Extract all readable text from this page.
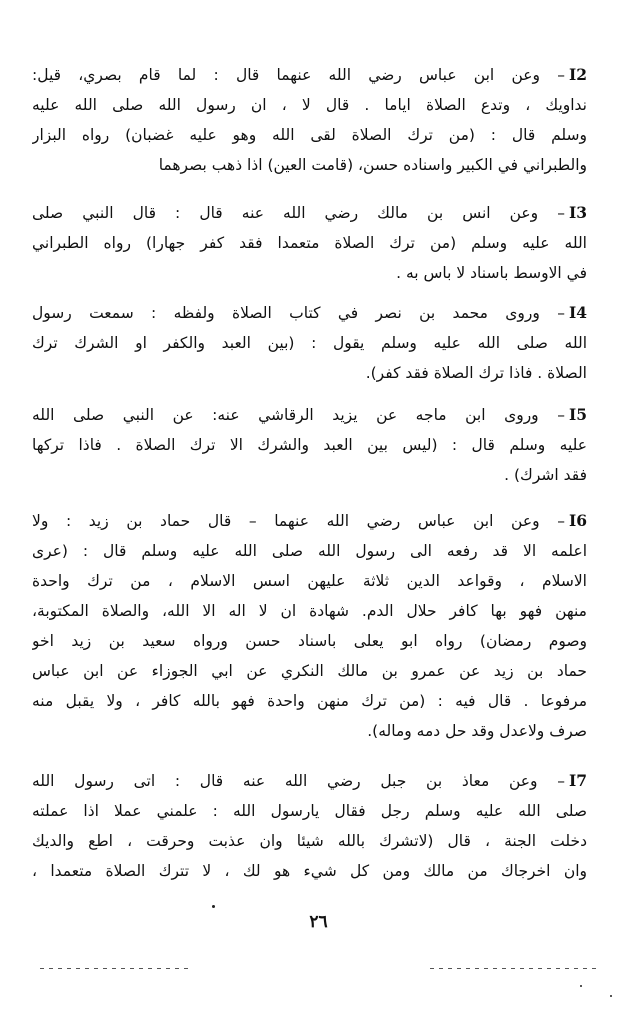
I2– وعن ابن عباس رضي الله عنهما قال : لما قام بصري، قيل:
نداويك ، وتدع الصلاة اياما . قال لا ، ان رسول الله صلى الله عليه
وسلم قال : (من ترك الصلاة لقى الله وهو عليه غضبان) رواه البزار
والطبراني في الكبير واسناده حسن، (قامت العين) اذا ذهب بصرهما
I3– وعن انس بن مالك رضي الله عنه قال : قال النبي صلى
الله عليه وسلم (من ترك الصلاة متعمدا فقد كفر جهارا) رواه الطبراني
في الاوسط باسناد لا باس به .
I4– وروى محمد بن نصر في كتاب الصلاة ولفظه : سمعت رسول
الله صلى الله عليه وسلم يقول : (بين العبد والكفر او الشرك ترك
الصلاة . فاذا ترك الصلاة فقد كفر).
I5– وروى ابن ماجه عن يزيد الرقاشي عنه: عن النبي صلى الله
عليه وسلم قال : (ليس بين العبد والشرك الا ترك الصلاة . فاذا تركها
فقد اشرك) .
I6– وعن ابن عباس رضي الله عنهما – قال حماد بن زيد : ولا
اعلمه الا قد رفعه الى رسول الله صلى الله عليه وسلم قال : (عرى
الاسلام ، وقواعد الدين ثلاثة عليهن اسس الاسلام ، من ترك واحدة
منهن فهو بها كافر حلال الدم. شهادة ان لا اله الا الله، والصلاة المكتوبة،
وصوم رمضان) رواه ابو يعلى باسناد حسن ورواه سعيد بن زيد اخو
حماد بن زيد عن عمرو بن مالك النكري عن ابي الجوزاء عن ابن عباس
مرفوعا . قال فيه : (من ترك منهن واحدة فهو بالله كافر ، ولا يقبل منه
صرف ولاعدل وقد حل دمه وماله).
I7– وعن معاذ بن جبل رضي الله عنه قال : اتى رسول الله
صلى الله عليه وسلم رجل فقال يارسول الله : علمني عملا اذا عملته
دخلت الجنة ، قال (لاتشرك بالله شيئا وان عذبت وحرقت ، اطع والديك
وان اخرجاك من مالك ومن كل شيء هو لك ، لا تترك الصلاة متعمدا ،
٢٦
